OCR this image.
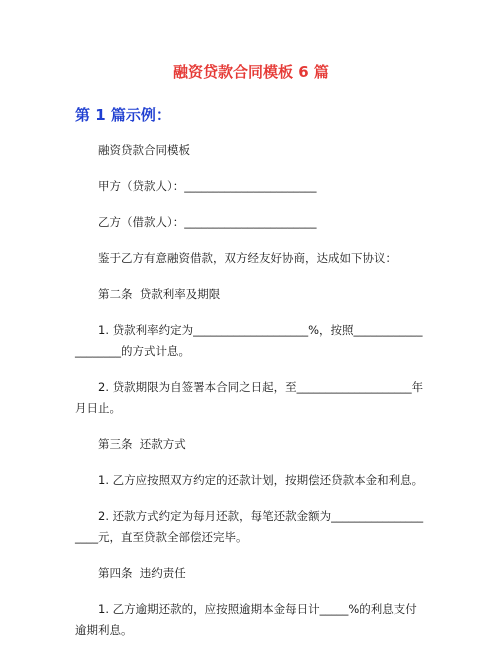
融资贷款合同模板 6 篇
第 1 篇示例：

融资贷款合同模板

甲方（贷款人）：_______________________

乙方（借款人）：_______________________

鉴于乙方有意融资借款，双方经友好协商，达成如下协议：

第二条  贷款利率及期限

1. 贷款利率约定为____________________%，按照____________________的方式计息。

2. 贷款期限为自签署本合同之日起，至____________________年月日止。

第三条  还款方式

1. 乙方应按照双方约定的还款计划，按期偿还贷款本金和利息。

2. 还款方式约定为每月还款，每笔还款金额为____________________元，直至贷款全部偿还完毕。

第四条  违约责任

1. 乙方逾期还款的，应按照逾期本金每日计_____%的利息支付逾期利息。
